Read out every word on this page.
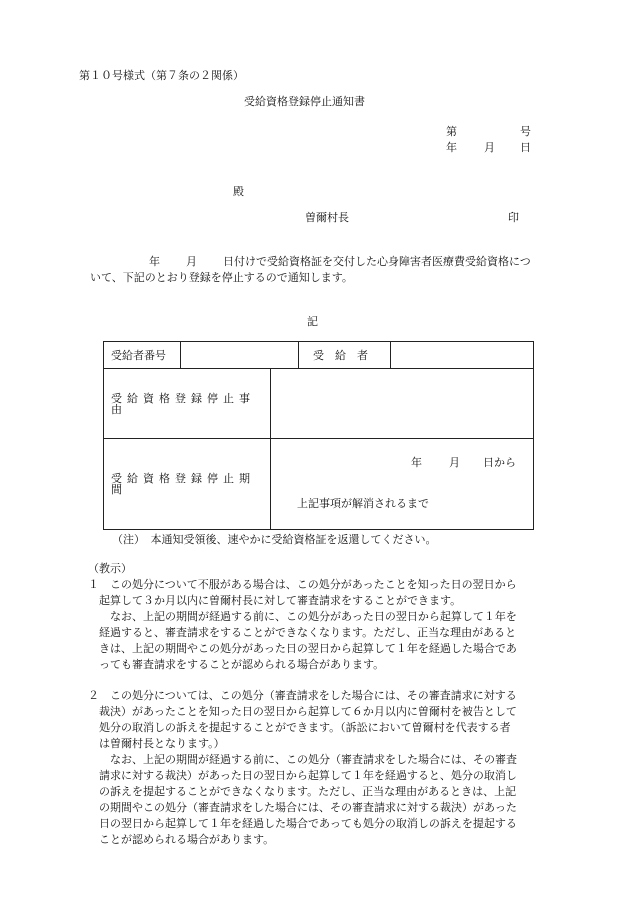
第１０号様式（第７条の２関係）
受給資格登録停止通知書
第	号
年 月 日
殿
曽爾村長	印
年 月 日付けで受給資格証を交付した心身障害者医療費受給資格につ
いて、下記のとおり登録を停止するので通知します。
記
受給者番号			受　給　者	
受給資格登録停止事由				
受給資格登録停止期間		年 月 日から
上記事項が解消されるまで		
（注）　本通知受領後、速やかに受給資格証を返還してください。
（教示）
１　この処分について不服がある場合は、この処分があったことを知った日の翌日から
起算して３か月以内に曽爾村長に対して審査請求をすることができます。
なお、上記の期間が経過する前に、この処分があった日の翌日から起算して１年を
経過すると、審査請求をすることができなくなります。ただし、正当な理由があると
きは、上記の期間やこの処分があった日の翌日から起算して１年を経過した場合であ
っても審査請求をすることが認められる場合があります。
２　この処分については、この処分（審査請求をした場合には、その審査請求に対する
裁決）があったことを知った日の翌日から起算して６か月以内に曽爾村を被告として
処分の取消しの訴えを提起することができます。（訴訟において曽爾村を代表する者
は曽爾村長となります。）
なお、上記の期間が経過する前に、この処分（審査請求をした場合には、その審査
請求に対する裁決）があった日の翌日から起算して１年を経過すると、処分の取消し
の訴えを提起することができなくなります。ただし、正当な理由があるときは、上記
の期間やこの処分（審査請求をした場合には、その審査請求に対する裁決）があった
日の翌日から起算して１年を経過した場合であっても処分の取消しの訴えを提起する
ことが認められる場合があります。
